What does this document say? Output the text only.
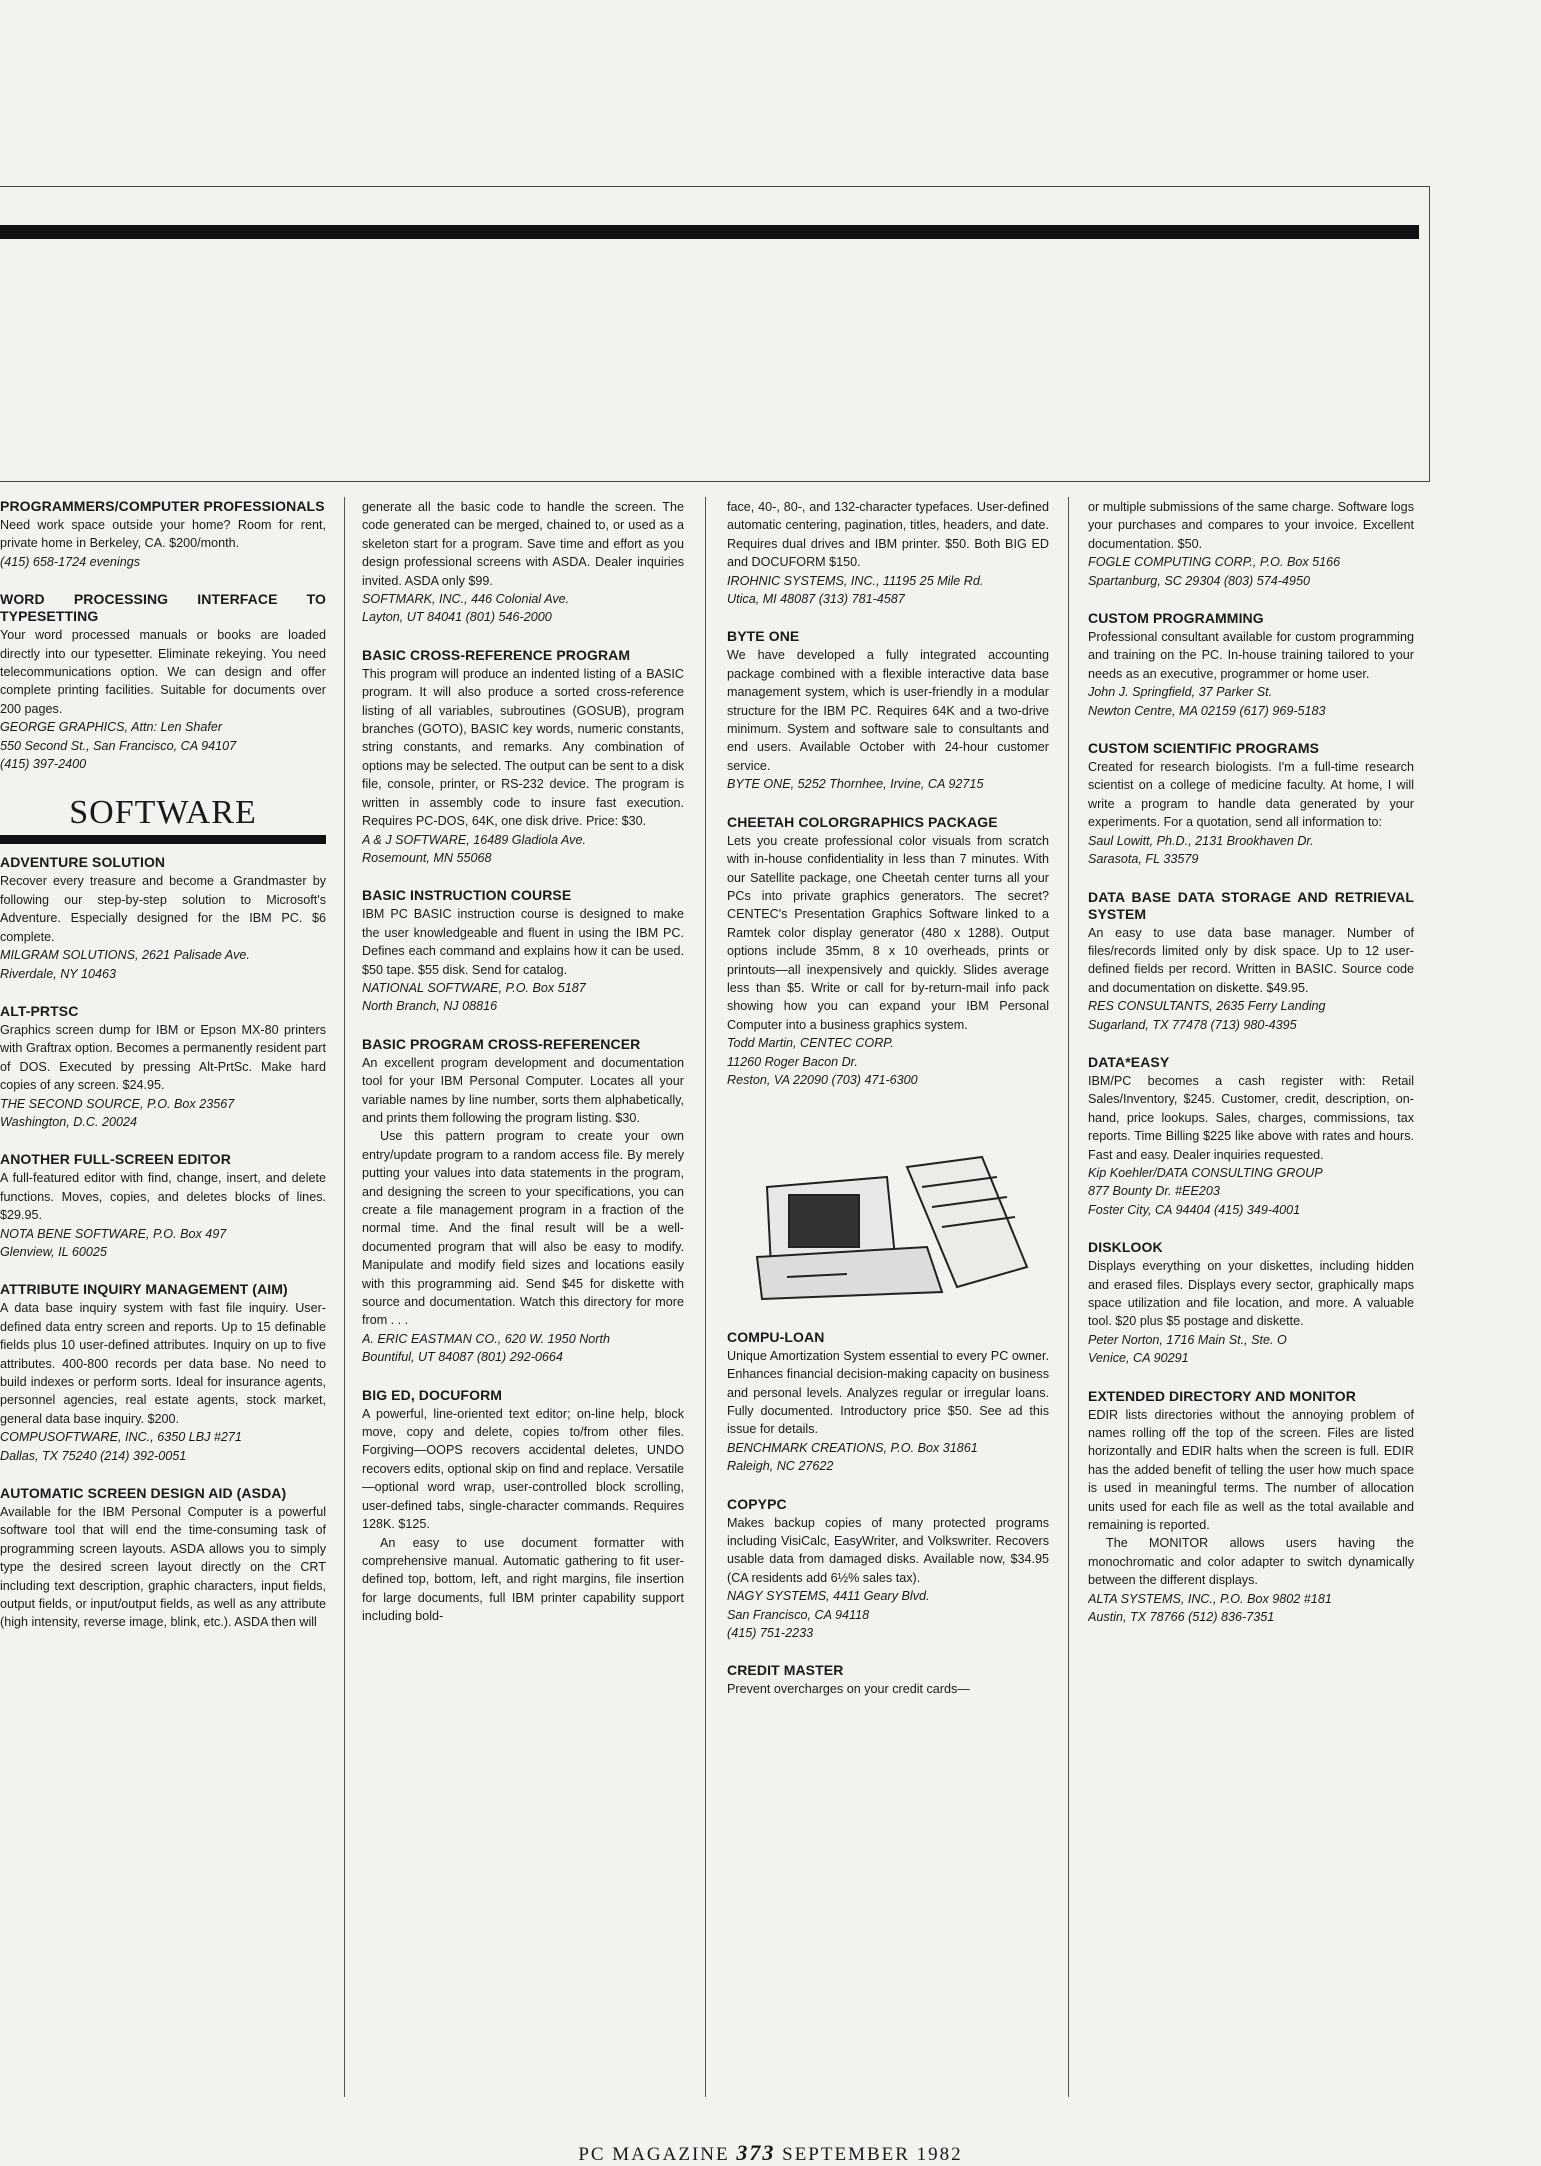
PROGRAMMERS/COMPUTER PROFESSIONALS

Need work space outside your home? Room for rent, private home in Berkeley, CA. $200/month.

(415) 658-1724 evenings

WORD PROCESSING INTERFACE TO TYPESETTING

Your word processed manuals or books are loaded directly into our typesetter. Eliminate rekeying. You need telecommunications option. We can design and offer complete printing facilities. Suitable for documents over 200 pages.

GEORGE GRAPHICS, Attn: Len Shafer

550 Second St., San Francisco, CA 94107

(415) 397-2400

SOFTWARE
ADVENTURE SOLUTION

Recover every treasure and become a Grandmaster by following our step-by-step solution to Microsoft's Adventure. Especially designed for the IBM PC. $6 complete.

MILGRAM SOLUTIONS, 2621 Palisade Ave.

Riverdale, NY 10463

ALT-PRTSC

Graphics screen dump for IBM or Epson MX-80 printers with Graftrax option. Becomes a permanently resident part of DOS. Executed by pressing Alt-PrtSc. Make hard copies of any screen. $24.95.

THE SECOND SOURCE, P.O. Box 23567

Washington, D.C. 20024

ANOTHER FULL-SCREEN EDITOR

A full-featured editor with find, change, insert, and delete functions. Moves, copies, and deletes blocks of lines. $29.95.

NOTA BENE SOFTWARE, P.O. Box 497

Glenview, IL 60025

ATTRIBUTE INQUIRY MANAGEMENT (AIM)

A data base inquiry system with fast file inquiry. User-defined data entry screen and reports. Up to 15 definable fields plus 10 user-defined attributes. Inquiry on up to five attributes. 400-800 records per data base. No need to build indexes or perform sorts. Ideal for insurance agents, personnel agencies, real estate agents, stock market, general data base inquiry. $200.

COMPUSOFTWARE, INC., 6350 LBJ #271

Dallas, TX 75240 (214) 392-0051

AUTOMATIC SCREEN DESIGN AID (ASDA)

Available for the IBM Personal Computer is a powerful software tool that will end the time-consuming task of programming screen layouts. ASDA allows you to simply type the desired screen layout directly on the CRT including text description, graphic characters, input fields, output fields, or input/output fields, as well as any attribute (high intensity, reverse image, blink, etc.). ASDA then will

generate all the basic code to handle the screen. The code generated can be merged, chained to, or used as a skeleton start for a program. Save time and effort as you design professional screens with ASDA. Dealer inquiries invited. ASDA only $99.

SOFTMARK, INC., 446 Colonial Ave.

Layton, UT 84041 (801) 546-2000

BASIC CROSS-REFERENCE PROGRAM

This program will produce an indented listing of a BASIC program. It will also produce a sorted cross-reference listing of all variables, subroutines (GOSUB), program branches (GOTO), BASIC key words, numeric constants, string constants, and remarks. Any combination of options may be selected. The output can be sent to a disk file, console, printer, or RS-232 device. The program is written in assembly code to insure fast execution. Requires PC-DOS, 64K, one disk drive. Price: $30.

A & J SOFTWARE, 16489 Gladiola Ave.

Rosemount, MN 55068

BASIC INSTRUCTION COURSE

IBM PC BASIC instruction course is designed to make the user knowledgeable and fluent in using the IBM PC. Defines each command and explains how it can be used. $50 tape. $55 disk. Send for catalog.

NATIONAL SOFTWARE, P.O. Box 5187

North Branch, NJ 08816

BASIC PROGRAM CROSS-REFERENCER

An excellent program development and documentation tool for your IBM Personal Computer. Locates all your variable names by line number, sorts them alphabetically, and prints them following the program listing. $30.

Use this pattern program to create your own entry/update program to a random access file. By merely putting your values into data statements in the program, and designing the screen to your specifications, you can create a file management program in a fraction of the normal time. And the final result will be a well-documented program that will also be easy to modify. Manipulate and modify field sizes and locations easily with this programming aid. Send $45 for diskette with source and documentation. Watch this directory for more from . . .

A. ERIC EASTMAN CO., 620 W. 1950 North

Bountiful, UT 84087 (801) 292-0664

BIG ED, DOCUFORM

A powerful, line-oriented text editor; on-line help, block move, copy and delete, copies to/from other files. Forgiving—OOPS recovers accidental deletes, UNDO recovers edits, optional skip on find and replace. Versatile—optional word wrap, user-controlled block scrolling, user-defined tabs, single-character commands. Requires 128K. $125.

An easy to use document formatter with comprehensive manual. Automatic gathering to fit user-defined top, bottom, left, and right margins, file insertion for large documents, full IBM printer capability support including bold-

face, 40-, 80-, and 132-character typefaces. User-defined automatic centering, pagination, titles, headers, and date. Requires dual drives and IBM printer. $50. Both BIG ED and DOCUFORM $150.

IROHNIC SYSTEMS, INC., 11195 25 Mile Rd.

Utica, MI 48087 (313) 781-4587

BYTE ONE

We have developed a fully integrated accounting package combined with a flexible interactive data base management system, which is user-friendly in a modular structure for the IBM PC. Requires 64K and a two-drive minimum. System and software sale to consultants and end users. Available October with 24-hour customer service.

BYTE ONE, 5252 Thornhee, Irvine, CA 92715

CHEETAH COLORGRAPHICS PACKAGE

Lets you create professional color visuals from scratch with in-house confidentiality in less than 7 minutes. With our Satellite package, one Cheetah center turns all your PCs into private graphics generators. The secret? CENTEC's Presentation Graphics Software linked to a Ramtek color display generator (480 x 1288). Output options include 35mm, 8 x 10 overheads, prints or printouts—all inexpensively and quickly. Slides average less than $5. Write or call for by-return-mail info pack showing how you can expand your IBM Personal Computer into a business graphics system.

Todd Martin, CENTEC CORP.

11260 Roger Bacon Dr.

Reston, VA 22090 (703) 471-6300

COMPU-LOAN

Unique Amortization System essential to every PC owner. Enhances financial decision-making capacity on business and personal levels. Analyzes regular or irregular loans. Fully documented. Introductory price $50. See ad this issue for details.

BENCHMARK CREATIONS, P.O. Box 31861

Raleigh, NC 27622

COPYPC

Makes backup copies of many protected programs including VisiCalc, EasyWriter, and Volkswriter. Recovers usable data from damaged disks. Available now, $34.95 (CA residents add 6½% sales tax).

NAGY SYSTEMS, 4411 Geary Blvd.

San Francisco, CA 94118

(415) 751-2233

CREDIT MASTER

Prevent overcharges on your credit cards—

or multiple submissions of the same charge. Software logs your purchases and compares to your invoice. Excellent documentation. $50.

FOGLE COMPUTING CORP., P.O. Box 5166

Spartanburg, SC 29304 (803) 574-4950

CUSTOM PROGRAMMING

Professional consultant available for custom programming and training on the PC. In-house training tailored to your needs as an executive, programmer or home user.

John J. Springfield, 37 Parker St.

Newton Centre, MA 02159 (617) 969-5183

CUSTOM SCIENTIFIC PROGRAMS

Created for research biologists. I'm a full-time research scientist on a college of medicine faculty. At home, I will write a program to handle data generated by your experiments. For a quotation, send all information to:

Saul Lowitt, Ph.D., 2131 Brookhaven Dr.

Sarasota, FL 33579

DATA BASE DATA STORAGE AND RETRIEVAL SYSTEM

An easy to use data base manager. Number of files/records limited only by disk space. Up to 12 user-defined fields per record. Written in BASIC. Source code and documentation on diskette. $49.95.

RES CONSULTANTS, 2635 Ferry Landing

Sugarland, TX 77478 (713) 980-4395

DATA*EASY

IBM/PC becomes a cash register with: Retail Sales/Inventory, $245. Customer, credit, description, on-hand, price lookups. Sales, charges, commissions, tax reports. Time Billing $225 like above with rates and hours. Fast and easy. Dealer inquiries requested.

Kip Koehler/DATA CONSULTING GROUP

877 Bounty Dr. #EE203

Foster City, CA 94404 (415) 349-4001

DISKLOOK

Displays everything on your diskettes, including hidden and erased files. Displays every sector, graphically maps space utilization and file location, and more. A valuable tool. $20 plus $5 postage and diskette.

Peter Norton, 1716 Main St., Ste. O

Venice, CA 90291

EXTENDED DIRECTORY AND MONITOR

EDIR lists directories without the annoying problem of names rolling off the top of the screen. Files are listed horizontally and EDIR halts when the screen is full. EDIR has the added benefit of telling the user how much space is used in meaningful terms. The number of allocation units used for each file as well as the total available and remaining is reported.

The MONITOR allows users having the monochromatic and color adapter to switch dynamically between the different displays.

ALTA SYSTEMS, INC., P.O. Box 9802 #181

Austin, TX 78766 (512) 836-7351

PC MAGAZINE 373 SEPTEMBER 1982
